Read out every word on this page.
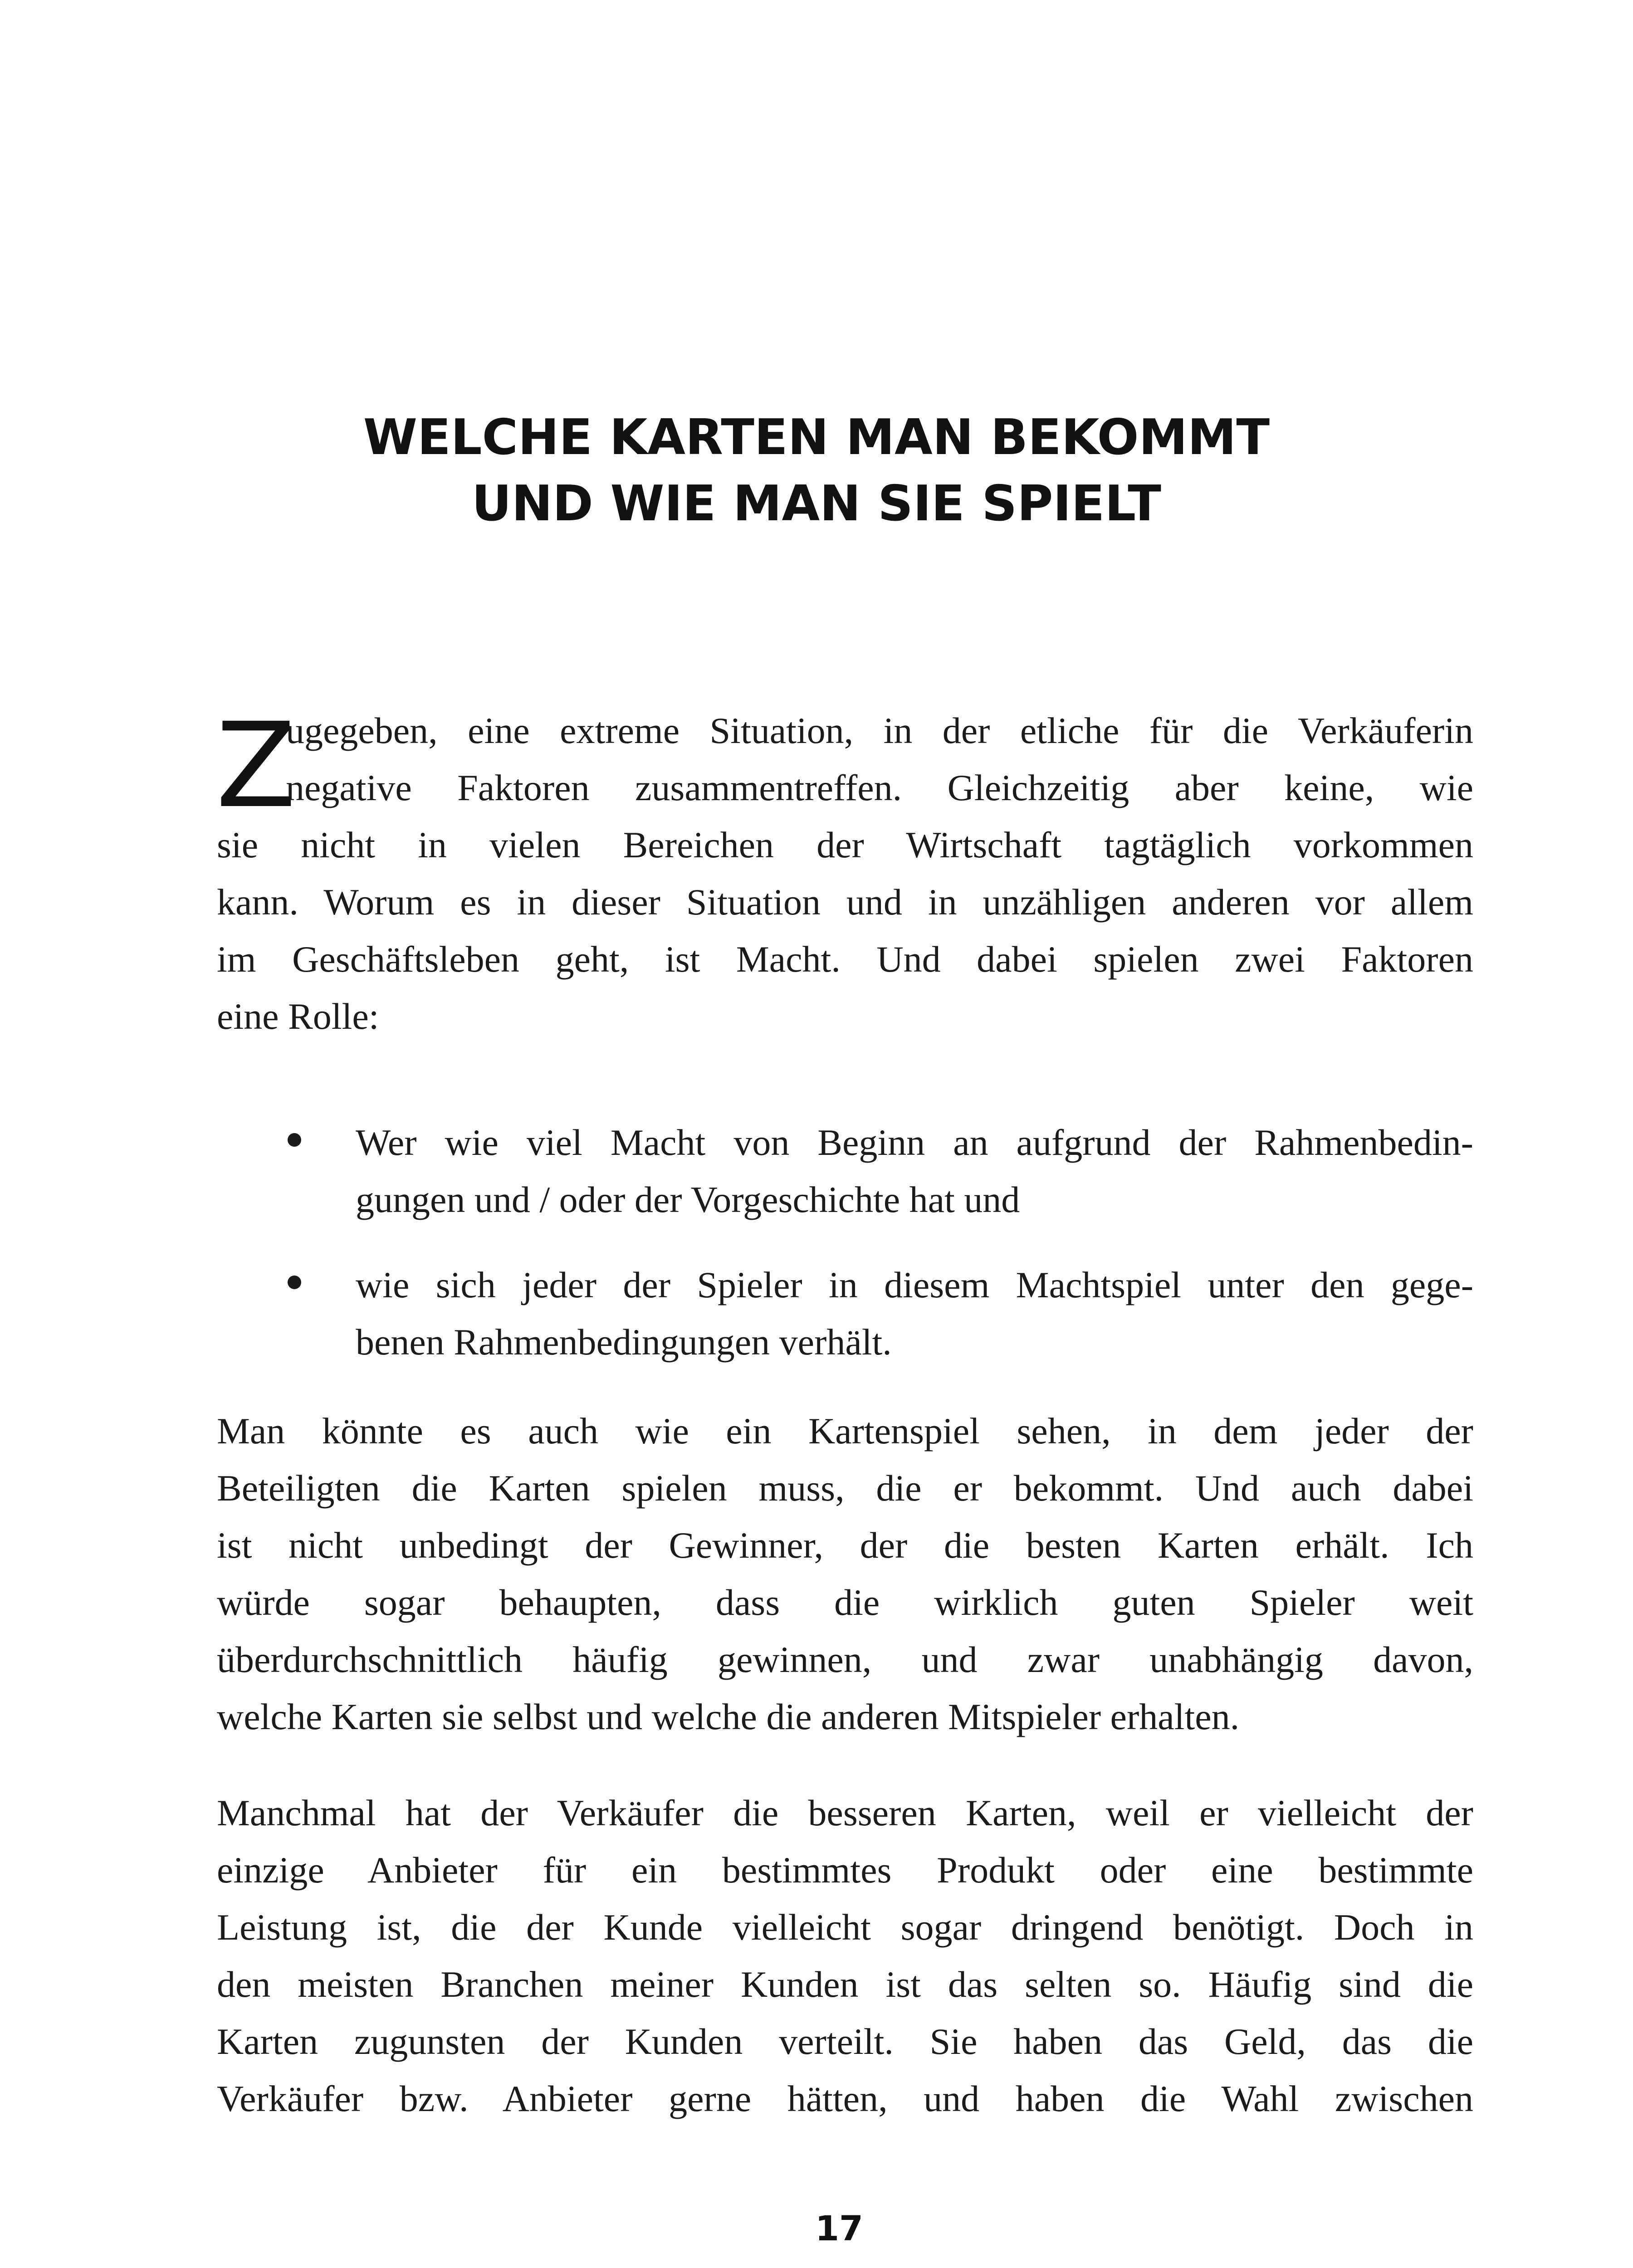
WELCHE KARTEN MAN BEKOMMT
UND WIE MAN SIE SPIELT
Z
ugegeben, eine extreme Situation, in der etliche für die Verkäuferin
negative Faktoren zusammentreffen. Gleichzeitig aber keine, wie
sie nicht in vielen Bereichen der Wirtschaft tagtäglich vorkommen
kann. Worum es in dieser Situation und in unzähligen anderen vor allem
im Geschäftsleben geht, ist Macht. Und dabei spielen zwei Faktoren
eine Rolle:
Wer wie viel Macht von Beginn an aufgrund der Rahmenbedin-
gungen und / oder der Vorgeschichte hat und
wie sich jeder der Spieler in diesem Machtspiel unter den gege-
benen Rahmenbedingungen verhält.
Man könnte es auch wie ein Kartenspiel sehen, in dem jeder der
Beteiligten die Karten spielen muss, die er bekommt. Und auch dabei
ist nicht unbedingt der Gewinner, der die besten Karten erhält. Ich
würde sogar behaupten, dass die wirklich guten Spieler weit
überdurchschnittlich häufig gewinnen, und zwar unabhängig davon,
welche Karten sie selbst und welche die anderen Mitspieler erhalten.
Manchmal hat der Verkäufer die besseren Karten, weil er vielleicht der
einzige Anbieter für ein bestimmtes Produkt oder eine bestimmte
Leistung ist, die der Kunde vielleicht sogar dringend benötigt. Doch in
den meisten Branchen meiner Kunden ist das selten so. Häufig sind die
Karten zugunsten der Kunden verteilt. Sie haben das Geld, das die
Verkäufer bzw. Anbieter gerne hätten, und haben die Wahl zwischen
17
